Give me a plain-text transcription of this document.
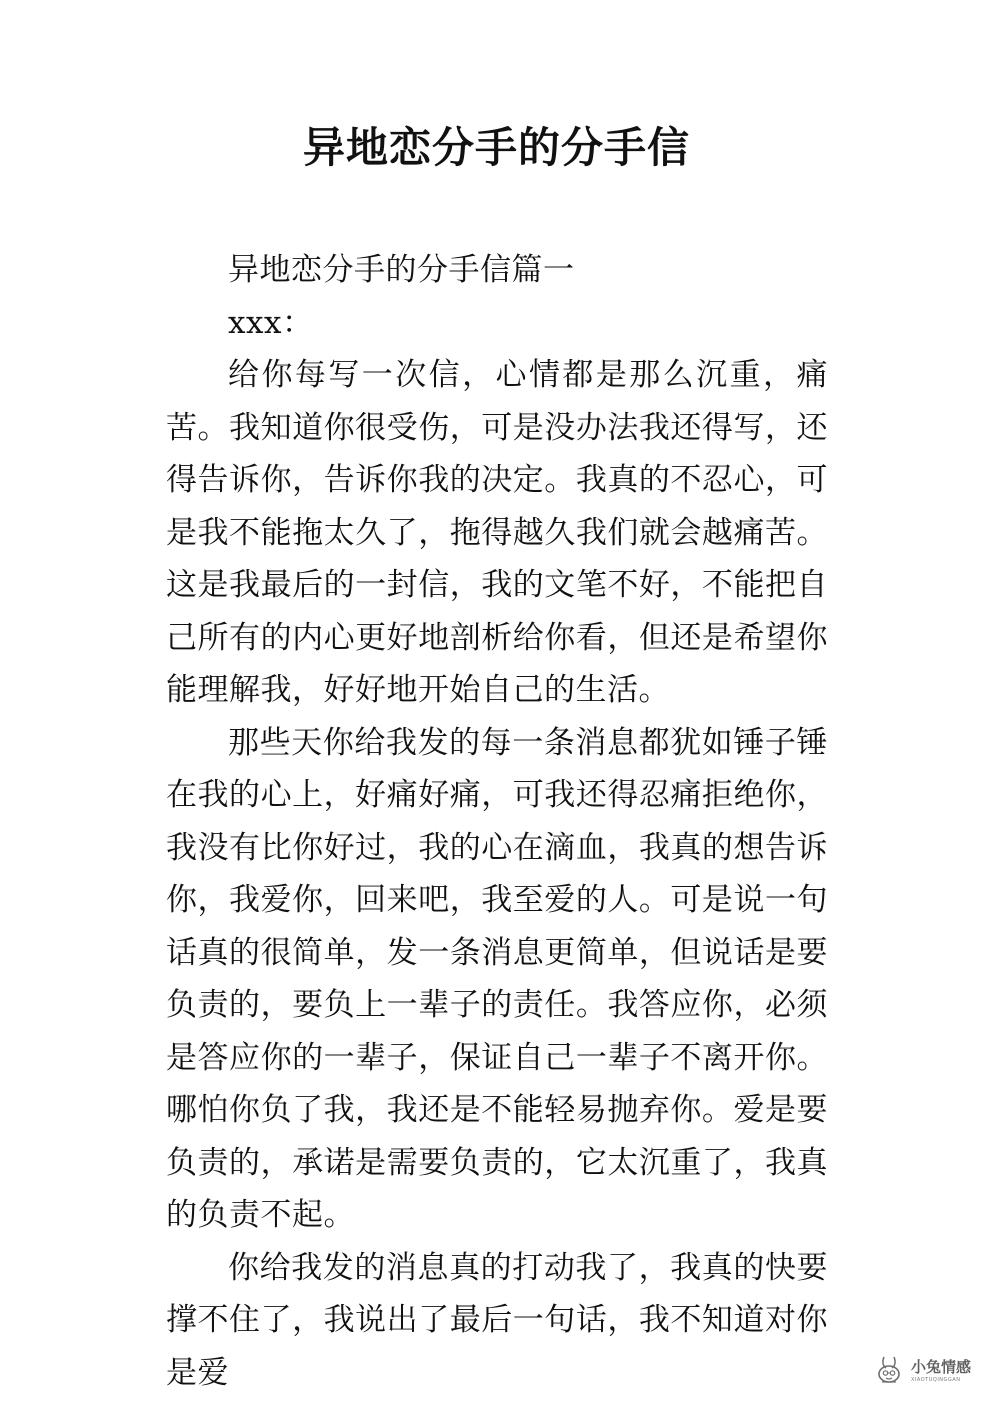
异地恋分手的分手信

异地恋分手的分手信篇一

xxx：

给你每写一次信，心情都是那么沉重，痛苦。我知道你很受伤，可是没办法我还得写，还得告诉你，告诉你我的决定。我真的不忍心，可是我不能拖太久了，拖得越久我们就会越痛苦。这是我最后的一封信，我的文笔不好，不能把自己所有的内心更好地剖析给你看，但还是希望你能理解我，好好地开始自己的生活。

那些天你给我发的每一条消息都犹如锤子锤在我的心上，好痛好痛，可我还得忍痛拒绝你，我没有比你好过，我的心在滴血，我真的想告诉你，我爱你，回来吧，我至爱的人。可是说一句话真的很简单，发一条消息更简单，但说话是要负责的，要负上一辈子的责任。我答应你，必须是答应你的一辈子，保证自己一辈子不离开你。哪怕你负了我，我还是不能轻易抛弃你。爱是要负责的，承诺是需要负责的，它太沉重了，我真的负责不起。

你给我发的消息真的打动我了，我真的快要撑不住了，我说出了最后一句话，我不知道对你是爱	小兔情感
XIAOTUQINGGAN
